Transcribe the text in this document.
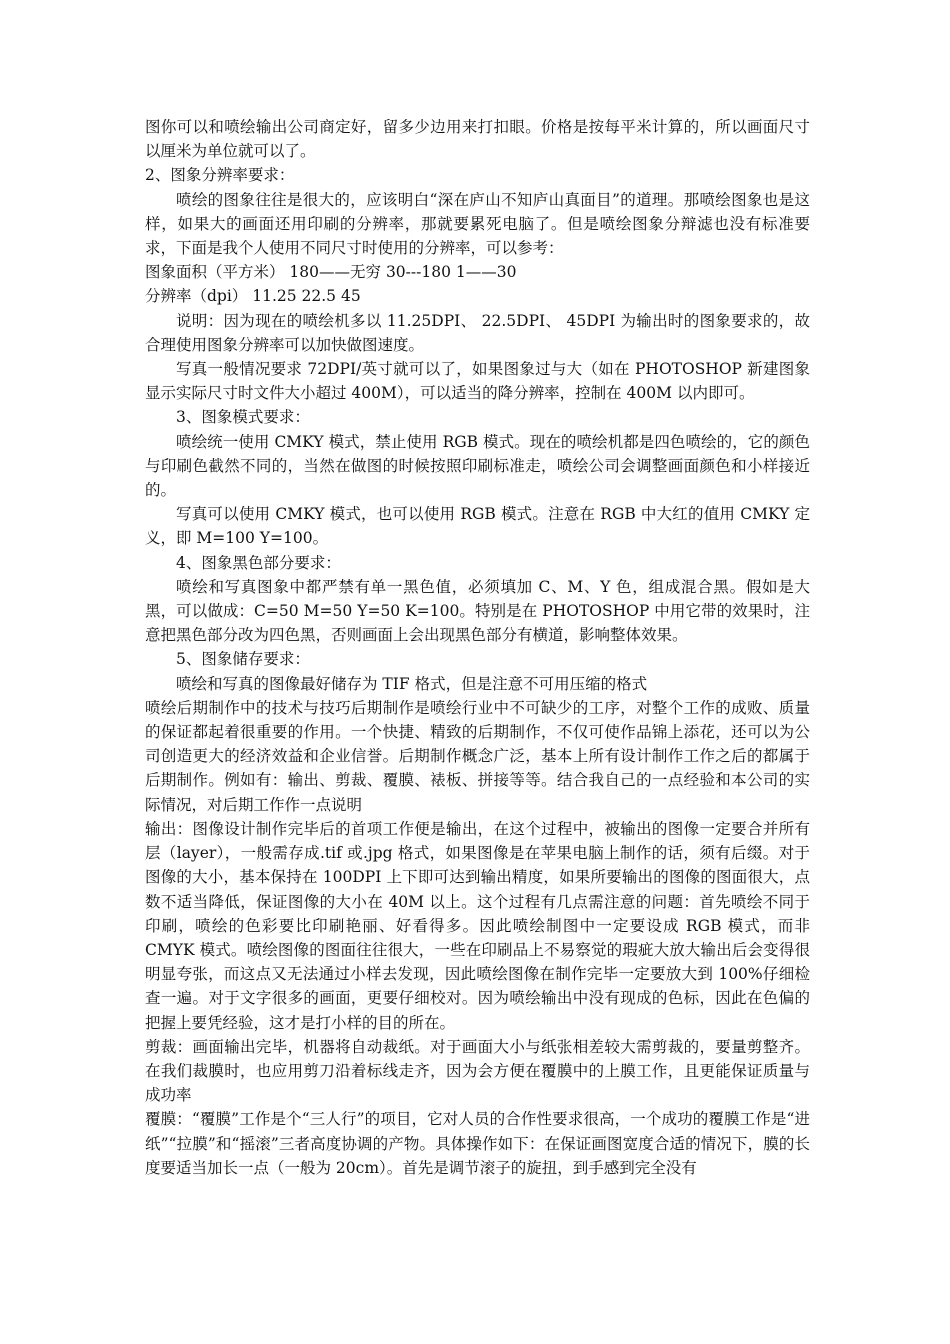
图你可以和喷绘输出公司商定好，留多少边用来打扣眼。价格是按每平米计算的，所以画面尺寸以厘米为单位就可以了。

2、图象分辨率要求：

喷绘的图象往往是很大的，应该明白“深在庐山不知庐山真面目”的道理。那喷绘图象也是这样，如果大的画面还用印刷的分辨率，那就要累死电脑了。但是喷绘图象分辩滤也没有标准要求，下面是我个人使用不同尺寸时使用的分辨率，可以参考：

图象面积（平方米） 180——无穷 30---180 1——30

分辨率（dpi） 11.25 22.5 45

说明：因为现在的喷绘机多以 11.25DPI、 22.5DPI、 45DPI 为输出时的图象要求的，故合理使用图象分辨率可以加快做图速度。

写真一般情况要求 72DPI/英寸就可以了，如果图象过与大（如在 PHOTOSHOP 新建图象显示实际尺寸时文件大小超过 400M），可以适当的降分辨率，控制在 400M 以内即可。

3、图象模式要求：

喷绘统一使用 CMKY 模式，禁止使用 RGB 模式。现在的喷绘机都是四色喷绘的，它的颜色与印刷色截然不同的，当然在做图的时候按照印刷标准走，喷绘公司会调整画面颜色和小样接近的。

写真可以使用 CMKY 模式，也可以使用 RGB 模式。注意在 RGB 中大红的值用 CMKY 定义，即 M=100 Y=100。

4、图象黑色部分要求：

喷绘和写真图象中都严禁有单一黑色值，必须填加 C、M、Y 色，组成混合黑。假如是大黑，可以做成：C=50 M=50 Y=50 K=100。特别是在 PHOTOSHOP 中用它带的效果时，注意把黑色部分改为四色黑，否则画面上会出现黑色部分有横道，影响整体效果。

5、图象储存要求：

喷绘和写真的图像最好储存为 TIF 格式，但是注意不可用压缩的格式

喷绘后期制作中的技术与技巧后期制作是喷绘行业中不可缺少的工序，对整个工作的成败、质量的保证都起着很重要的作用。一个快捷、精致的后期制作，不仅可使作品锦上添花，还可以为公司创造更大的经济效益和企业信誉。后期制作概念广泛，基本上所有设计制作工作之后的都属于后期制作。例如有：输出、剪裁、覆膜、裱板、拼接等等。结合我自己的一点经验和本公司的实际情况，对后期工作作一点说明

输出：图像设计制作完毕后的首项工作便是输出，在这个过程中，被输出的图像一定要合并所有层（layer），一般需存成.tif 或.jpg 格式，如果图像是在苹果电脑上制作的话，须有后缀。对于图像的大小，基本保持在 100DPI 上下即可达到输出精度，如果所要输出的图像的图面很大，点数不适当降低，保证图像的大小在 40M 以上。这个过程有几点需注意的问题：首先喷绘不同于印刷，喷绘的色彩要比印刷艳丽、好看得多。因此喷绘制图中一定要设成 RGB 模式，而非 CMYK 模式。喷绘图像的图面往往很大，一些在印刷品上不易察觉的瑕疵大放大输出后会变得很明显夸张，而这点又无法通过小样去发现，因此喷绘图像在制作完毕一定要放大到 100%仔细检查一遍。对于文字很多的画面，更要仔细校对。因为喷绘输出中没有现成的色标，因此在色偏的把握上要凭经验，这才是打小样的目的所在。

剪裁：画面输出完毕，机器将自动裁纸。对于画面大小与纸张相差较大需剪裁的，要量剪整齐。在我们裁膜时，也应用剪刀沿着标线走齐，因为会方便在覆膜中的上膜工作，且更能保证质量与成功率

覆膜：“覆膜”工作是个“三人行”的项目，它对人员的合作性要求很高，一个成功的覆膜工作是“进纸”“拉膜”和“摇滚”三者高度协调的产物。具体操作如下：在保证画图宽度合适的情况下，膜的长度要适当加长一点（一般为 20cm）。首先是调节滚子的旋扭，到手感到完全没有
